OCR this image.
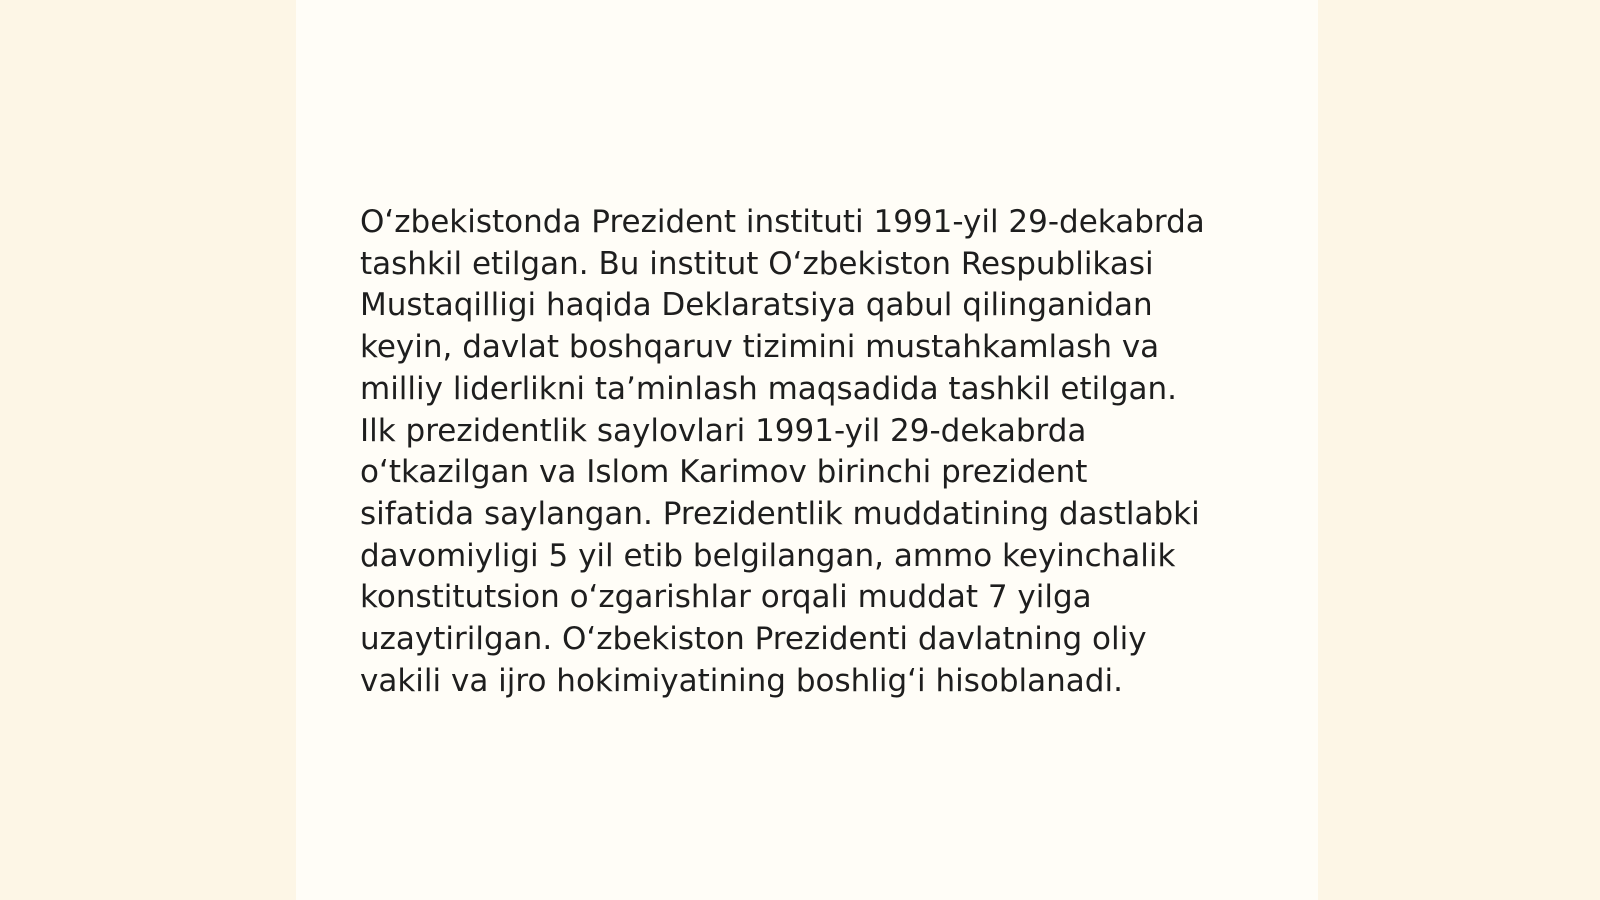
O‘zbekistonda Prezident instituti 1991-yil 29-dekabrda
tashkil etilgan. Bu institut O‘zbekiston Respublikasi
Mustaqilligi haqida Deklaratsiya qabul qilinganidan
keyin, davlat boshqaruv tizimini mustahkamlash va
milliy liderlikni ta’minlash maqsadida tashkil etilgan.
Ilk prezidentlik saylovlari 1991-yil 29-dekabrda
o‘tkazilgan va Islom Karimov birinchi prezident
sifatida saylangan. Prezidentlik muddatining dastlabki
davomiyligi 5 yil etib belgilangan, ammo keyinchalik
konstitutsion o‘zgarishlar orqali muddat 7 yilga
uzaytirilgan. O‘zbekiston Prezidenti davlatning oliy
vakili va ijro hokimiyatining boshlig‘i hisoblanadi.
